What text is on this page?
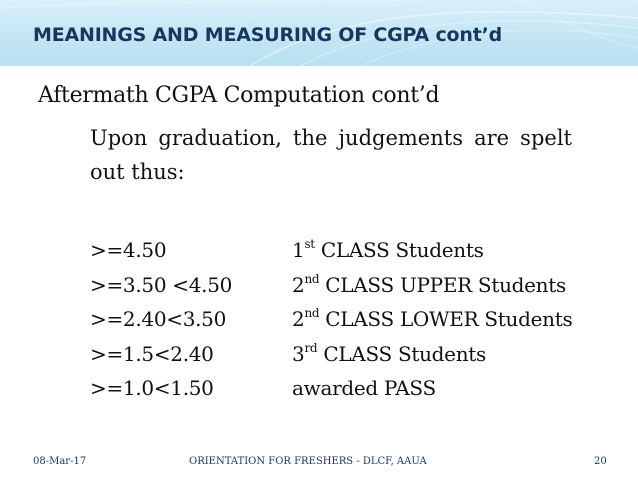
MEANINGS AND MEASURING OF CGPA cont’d

Aftermath CGPA Computation cont’d

Upon graduation, the judgements are spelt out thus:

>=4.50	1st CLASS Students
>=3.50 <4.50	2nd CLASS UPPER Students
>=2.40<3.50	2nd CLASS LOWER Students
>=1.5<2.40	3rd CLASS Students
>=1.0<1.50	awarded PASS
08-Mar-17	ORIENTATION FOR FRESHERS - DLCF, AAUA	20
